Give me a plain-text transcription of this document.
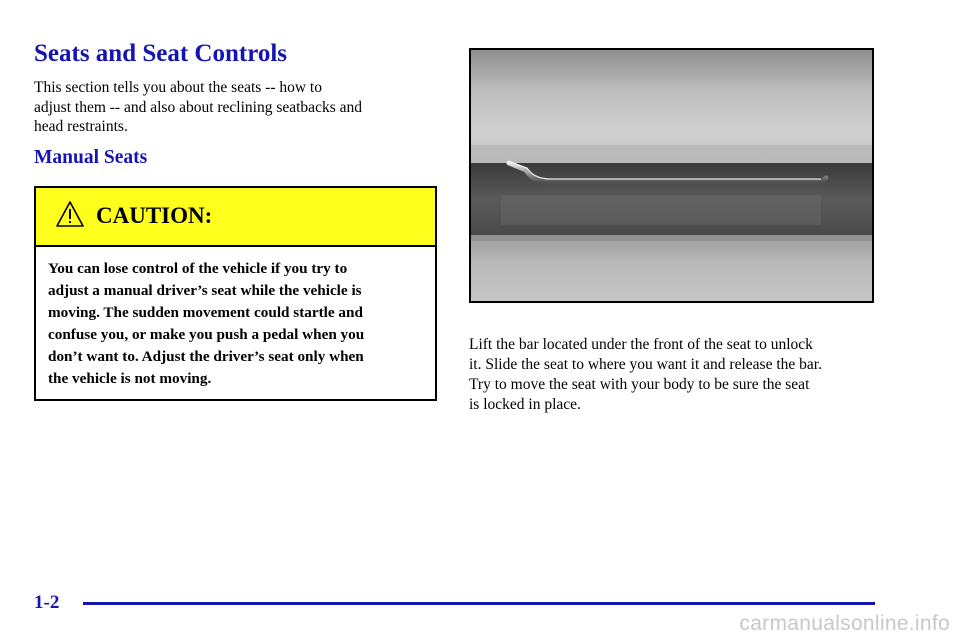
Seats and Seat Controls

This section tells you about the seats -- how to
adjust them -- and also about reclining seatbacks and
head restraints.

Manual Seats
CAUTION:

You can lose control of the vehicle if you try to
adjust a manual driver’s seat while the vehicle is
moving. The sudden movement could startle and
confuse you, or make you push a pedal when you
don’t want to. Adjust the driver’s seat only when
the vehicle is not moving.

Lift the bar located under the front of the seat to unlock
it. Slide the seat to where you want it and release the bar.
Try to move the seat with your body to be sure the seat
is locked in place.

1-2
carmanualsonline.info
